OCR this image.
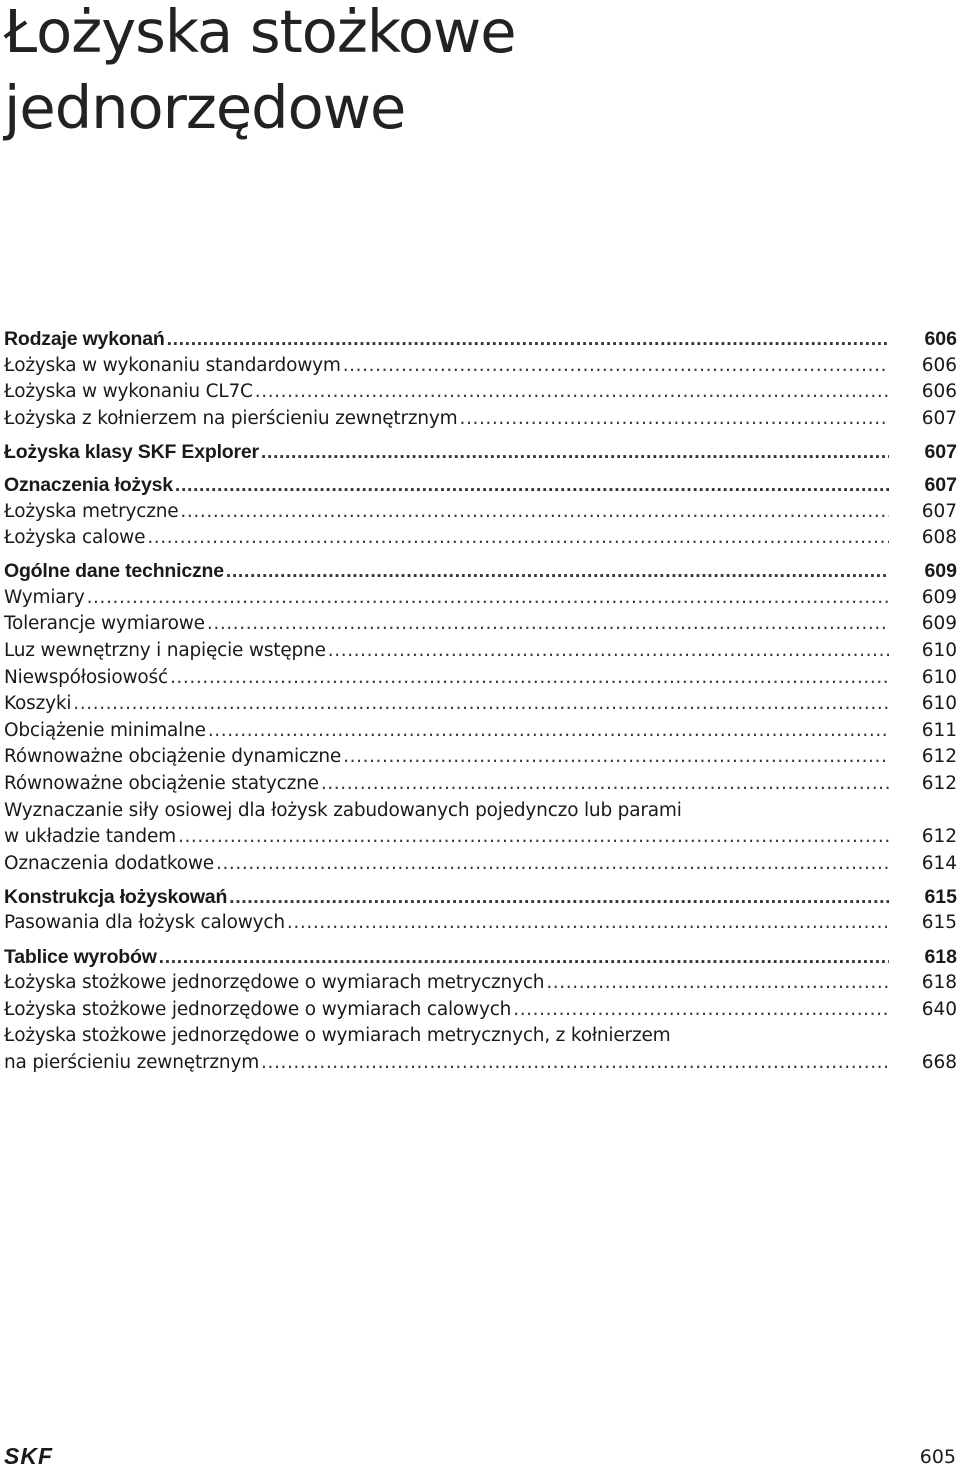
Łożyska stożkowe
jednorzędowe
Rodzaje wykonań .....	606
Łożyska w wykonaniu standardowym .....	606
Łożyska w wykonaniu CL7C .....	606
Łożyska z kołnierzem na pierścieniu zewnętrznym .....	607
Łożyska klasy SKF Explorer .....	607
Oznaczenia łożysk .....	607
Łożyska metryczne .....	607
Łożyska calowe .....	608
Ogólne dane techniczne .....	609
Wymiary .....	609
Tolerancje wymiarowe .....	609
Luz wewnętrzny i napięcie wstępne .....	610
Niewspółosiowość .....	610
Koszyki .....	610
Obciążenie minimalne .....	611
Równoważne obciążenie dynamiczne .....	612
Równoważne obciążenie statyczne .....	612
Wyznaczanie siły osiowej dla łożysk zabudowanych pojedynczo lub parami
w układzie tandem .....	612
Oznaczenia dodatkowe .....	614
Konstrukcja łożyskowań .....	615
Pasowania dla łożysk calowych .....	615
Tablice wyrobów .....	618
Łożyska stożkowe jednorzędowe o wymiarach metrycznych .....	618
Łożyska stożkowe jednorzędowe o wymiarach calowych .....	640
Łożyska stożkowe jednorzędowe o wymiarach metrycznych, z kołnierzem
na pierścieniu zewnętrznym .....	668
SKF	605
